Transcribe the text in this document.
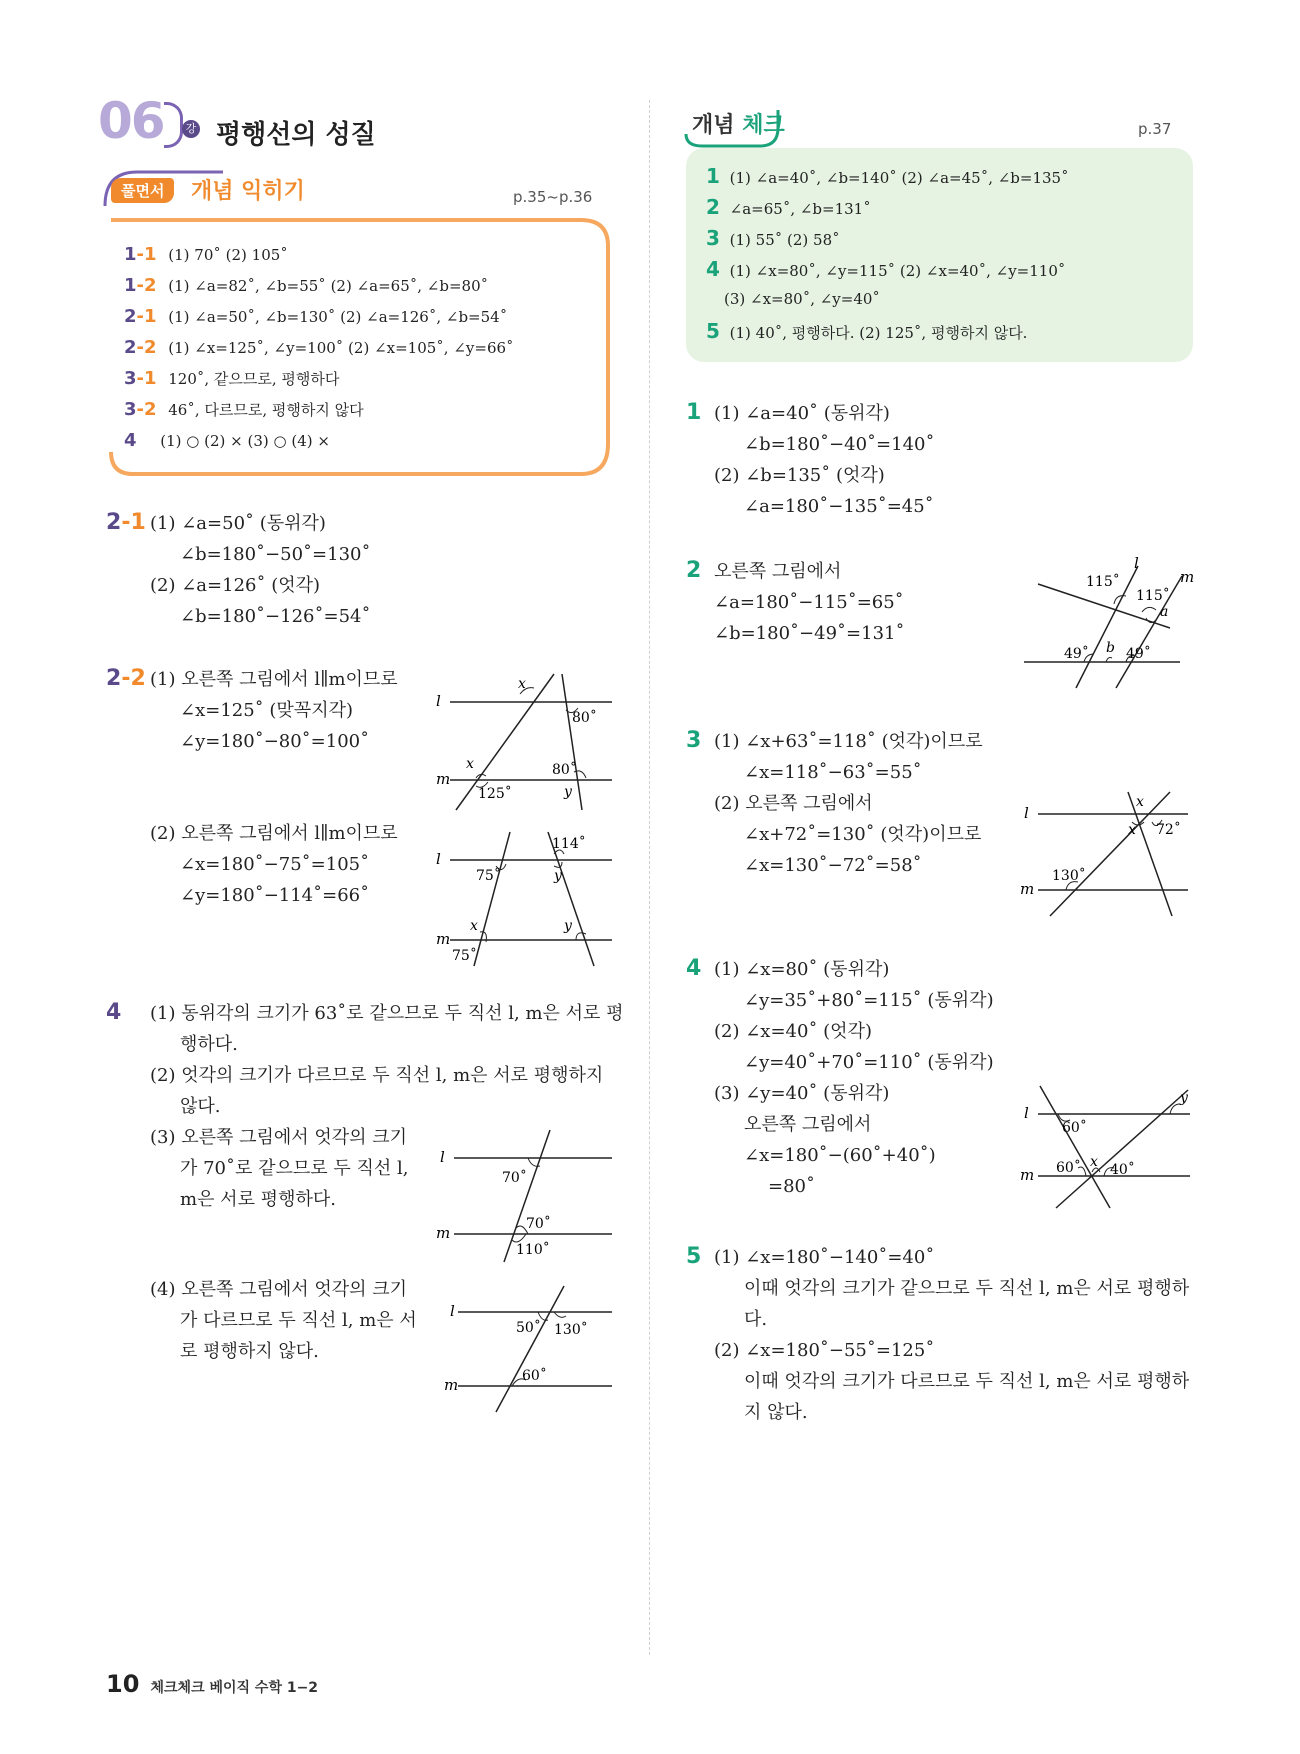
06	강 평행선의 성질
풀면서	개념 익히기	p.35~p.36
1-1 (1) 70˚ (2) 105˚
1-2 (1) ∠a=82˚, ∠b=55˚ (2) ∠a=65˚, ∠b=80˚
2-1 (1) ∠a=50˚, ∠b=130˚ (2) ∠a=126˚, ∠b=54˚
2-2 (1) ∠x=125˚, ∠y=100˚ (2) ∠x=105˚, ∠y=66˚
3-1 120˚, 같으므로, 평행하다
3-2 46˚, 다르므로, 평행하지 않다
4 (1) ○ (2) × (3) ○ (4) ×
2-1 (1) ∠a=50˚ (동위각)
∠b=180˚−50˚=130˚
(2) ∠a=126˚ (엇각)
∠b=180˚−126˚=54˚
2-2 (1) 오른쪽 그림에서 l∥m이므로
∠x=125˚ (맞꼭지각)
∠y=180˚−80˚=100˚
(2) 오른쪽 그림에서 l∥m이므로
∠x=180˚−75˚=105˚
∠y=180˚−114˚=66˚
l
m
x
80˚
x	80˚
125˚	y
l
m
114˚
75˚	y
x	y
75˚
4 (1) 동위각의 크기가 63˚로 같으므로 두 직선 l, m은 서로 평
행하다.
(2) 엇각의 크기가 다르므로 두 직선 l, m은 서로 평행하지
않다.
(3) 오른쪽 그림에서 엇각의 크기
가 70˚로 같으므로 두 직선 l,
m은 서로 평행하다.
(4) 오른쪽 그림에서 엇각의 크기
가 다르므로 두 직선 l, m은 서
로 평행하지 않다.
l
m
70˚
70˚
110˚
l
m
50˚ 130˚
60˚
개념 체크	p.37
1 (1) ∠a=40˚, ∠b=140˚ (2) ∠a=45˚, ∠b=135˚
2 ∠a=65˚, ∠b=131˚
3 (1) 55˚ (2) 58˚
4 (1) ∠x=80˚, ∠y=115˚ (2) ∠x=40˚, ∠y=110˚
(3) ∠x=80˚, ∠y=40˚
5 (1) 40˚, 평행하다. (2) 125˚, 평행하지 않다.
1 (1) ∠a=40˚ (동위각)
∠b=180˚−40˚=140˚
(2) ∠b=135˚ (엇각)
∠a=180˚−135˚=45˚
2 오른쪽 그림에서
∠a=180˚−115˚=65˚
∠b=180˚−49˚=131˚
l
m
115˚
115˚
a
49˚ b 49˚
3 (1) ∠x+63˚=118˚ (엇각)이므로
∠x=118˚−63˚=55˚
(2) 오른쪽 그림에서
∠x+72˚=130˚ (엇각)이므로
∠x=130˚−72˚=58˚
l
m
x
x 72˚
130˚
4 (1) ∠x=80˚ (동위각)
∠y=35˚+80˚=115˚ (동위각)
(2) ∠x=40˚ (엇각)
∠y=40˚+70˚=110˚ (동위각)
(3) ∠y=40˚ (동위각)
오른쪽 그림에서
∠x=180˚−(60˚+40˚)
=80˚
l
m
y
60˚
60˚ x 40˚
5 (1) ∠x=180˚−140˚=40˚
이때 엇각의 크기가 같으므로 두 직선 l, m은 서로 평행하
다.
(2) ∠x=180˚−55˚=125˚
이때 엇각의 크기가 다르므로 두 직선 l, m은 서로 평행하
지 않다.
10 체크체크 베이직 수학 1−2
